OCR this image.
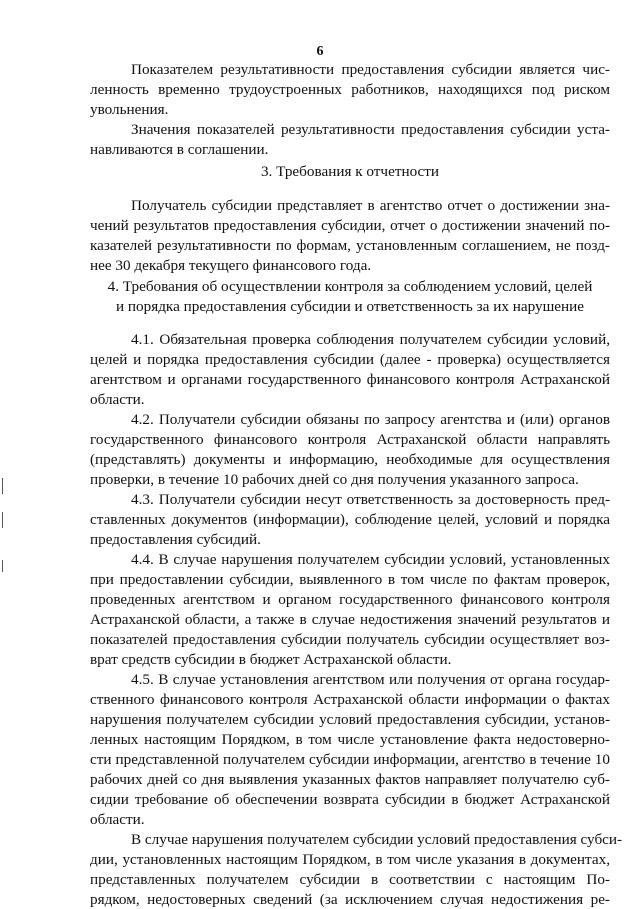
6
Показателем результативности предоставления субсидии является чис-
ленность временно трудоустроенных работников, находящихся под риском
увольнения.
Значения показателей результативности предоставления субсидии уста-
навливаются в соглашении.
3. Требования к отчетности
Получатель субсидии представляет в агентство отчет о достижении зна-
чений результатов предоставления субсидии, отчет о достижении значений по-
казателей результативности по формам, установленным соглашением, не позд-
нее 30 декабря текущего финансового года.
4. Требования об осуществлении контроля за соблюдением условий, целей
и порядка предоставления субсидии и ответственность за их нарушение
4.1. Обязательная проверка соблюдения получателем субсидии условий,
целей и порядка предоставления субсидии (далее - проверка) осуществляется
агентством и органами государственного финансового контроля Астраханской
области.
4.2. Получатели субсидии обязаны по запросу агентства и (или) органов
государственного финансового контроля Астраханской области направлять
(представлять) документы и информацию, необходимые для осуществления
проверки, в течение 10 рабочих дней со дня получения указанного запроса.
4.3. Получатели субсидии несут ответственность за достоверность пред-
ставленных документов (информации), соблюдение целей, условий и порядка
предоставления субсидий.
4.4. В случае нарушения получателем субсидии условий, установленных
при предоставлении субсидии, выявленного в том числе по фактам проверок,
проведенных агентством и органом государственного финансового контроля
Астраханской области, а также в случае недостижения значений результатов и
показателей предоставления субсидии получатель субсидии осуществляет воз-
врат средств субсидии в бюджет Астраханской области.
4.5. В случае установления агентством или получения от органа государ-
ственного финансового контроля Астраханской области информации о фактах
нарушения получателем субсидии условий предоставления субсидии, установ-
ленных настоящим Порядком, в том числе установление факта недостоверно-
сти представленной получателем субсидии информации, агентство в течение 10
рабочих дней со дня выявления указанных фактов направляет получателю суб-
сидии требование об обеспечении возврата субсидии в бюджет Астраханской
области.
В случае нарушения получателем субсидии условий предоставления субси-
дии, установленных настоящим Порядком, в том числе указания в документах,
представленных получателем субсидии в соответствии с настоящим По-
рядком, недостоверных сведений (за исключением случая недостижения ре-
